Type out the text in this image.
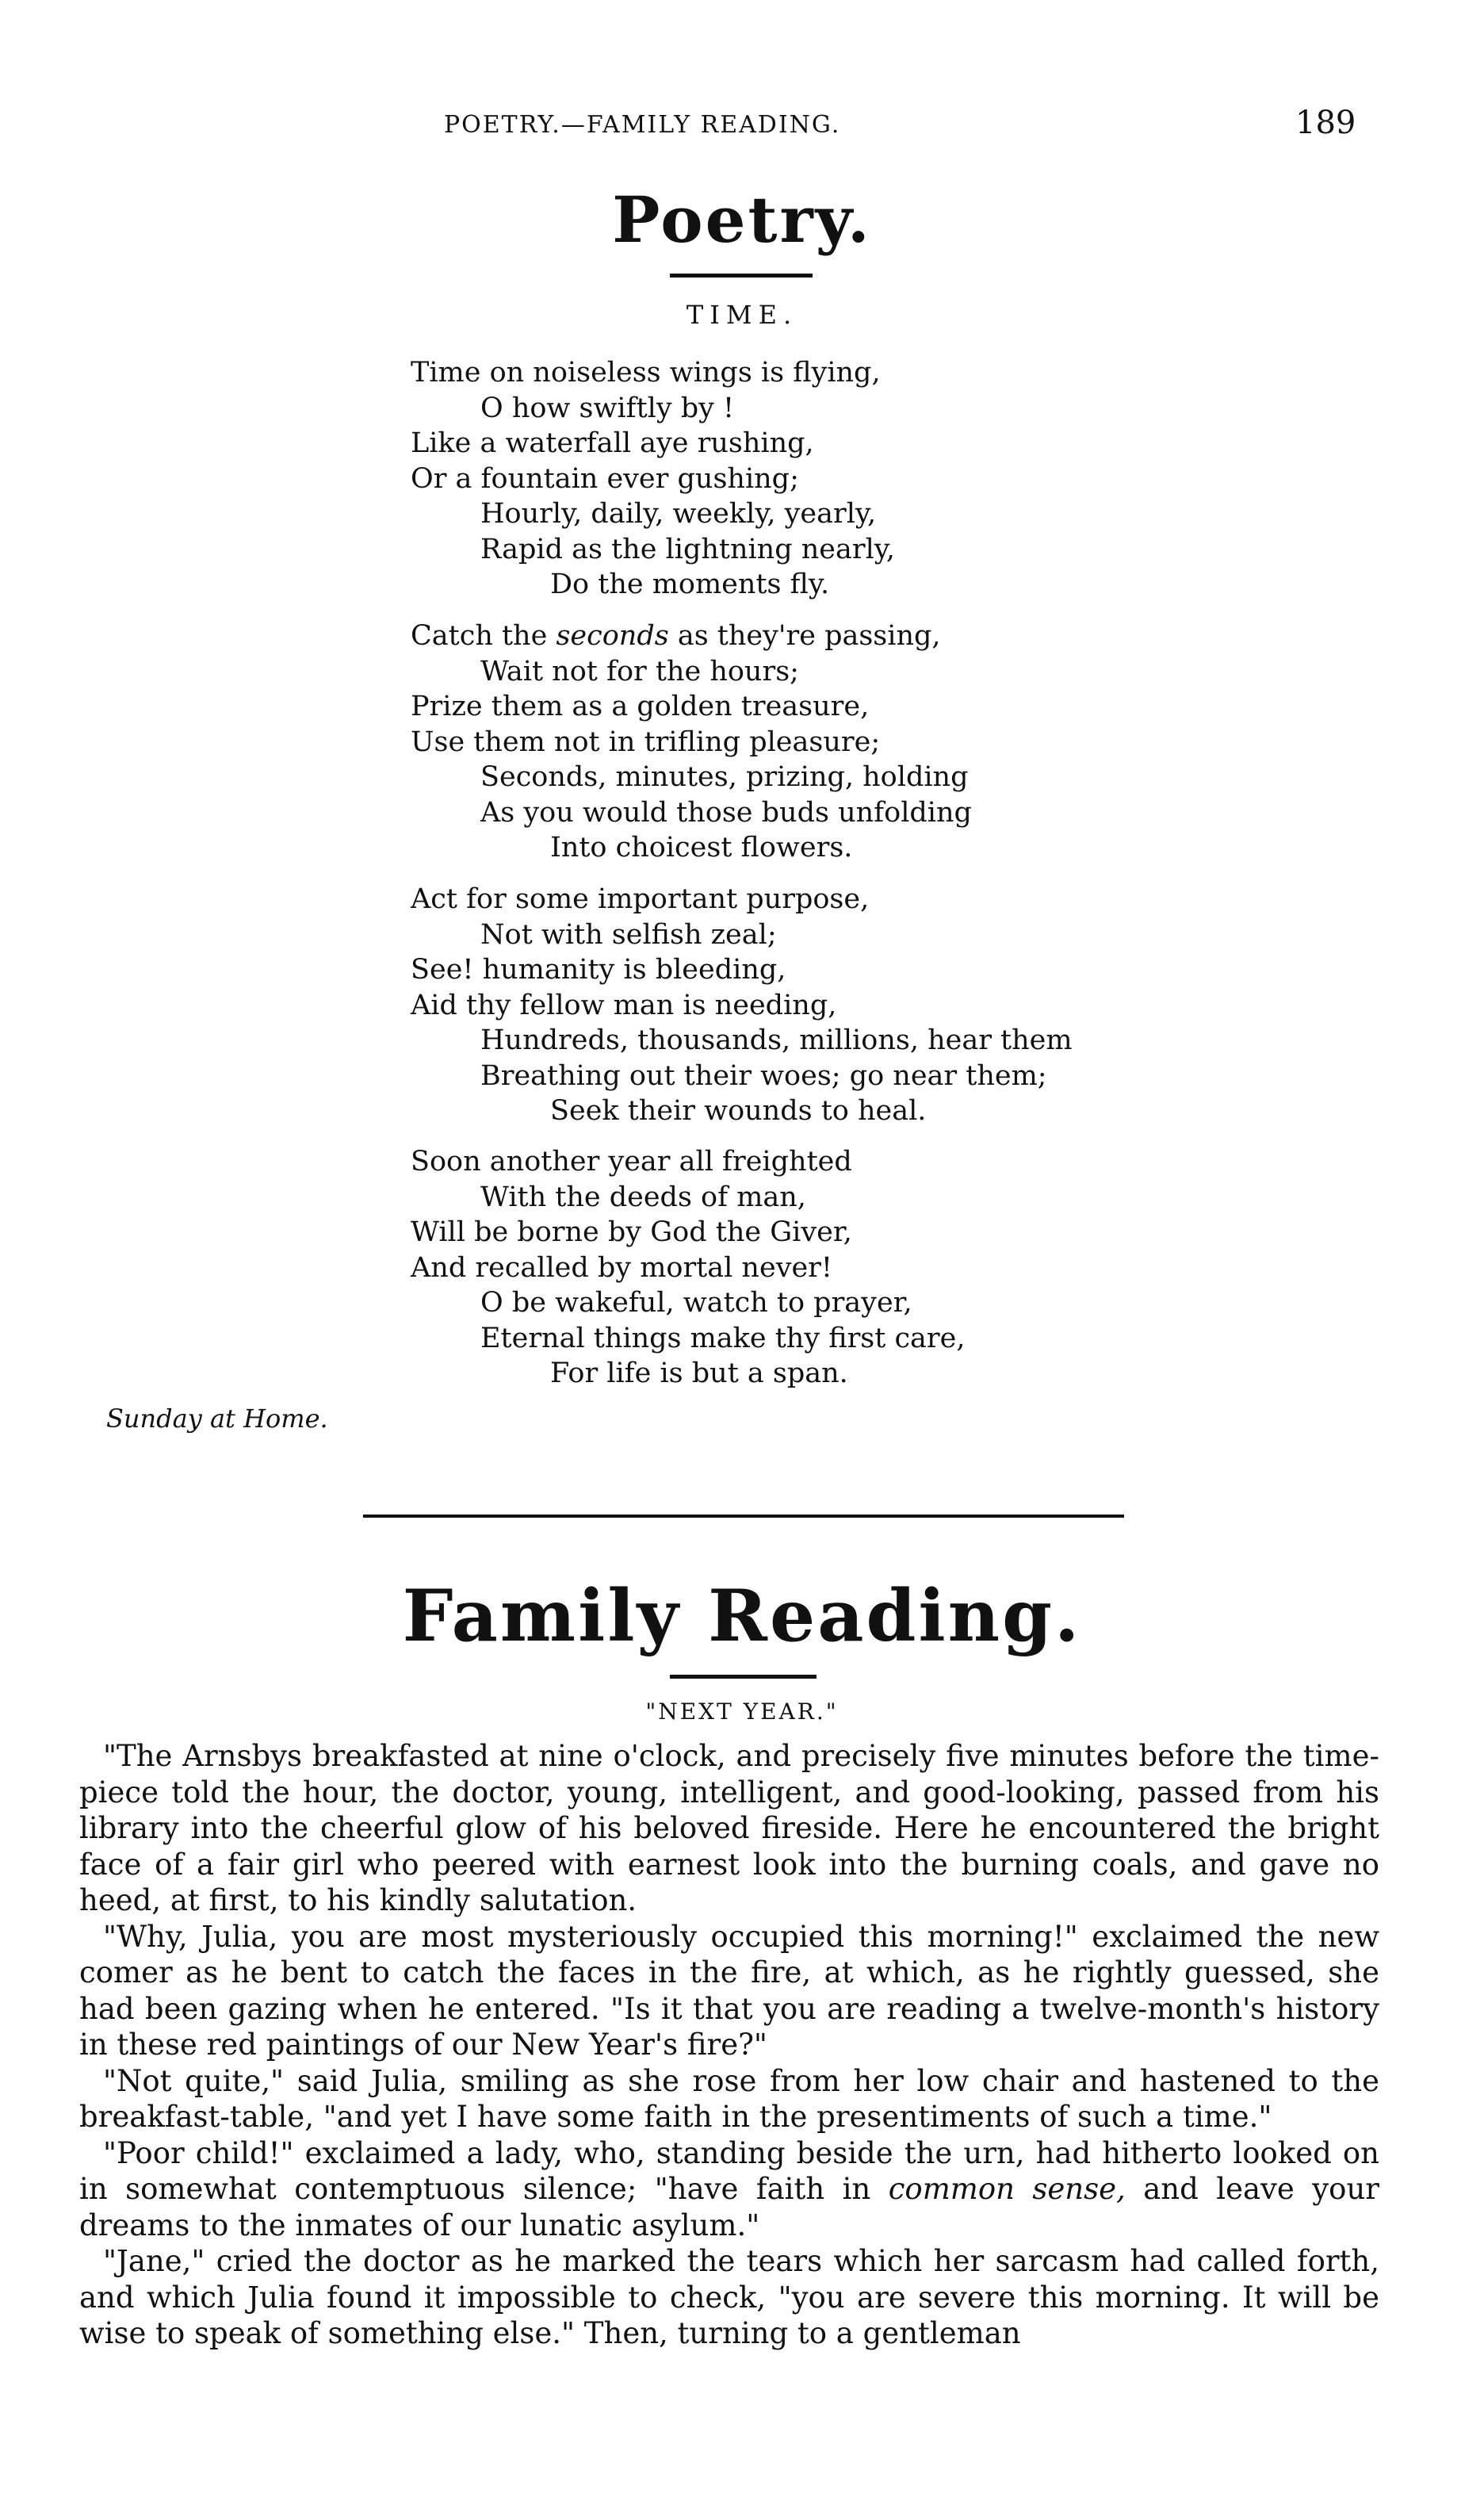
POETRY.—FAMILY READING.	189
Poetry.
TIME.
Time on noiseless wings is flying,
O how swiftly by !
Like a waterfall aye rushing,
Or a fountain ever gushing;
Hourly, daily, weekly, yearly,
Rapid as the lightning nearly,
Do the moments fly.
Catch the seconds as they're passing,
Wait not for the hours;
Prize them as a golden treasure,
Use them not in trifling pleasure;
Seconds, minutes, prizing, holding
As you would those buds unfolding
Into choicest flowers.
Act for some important purpose,
Not with selfish zeal;
See! humanity is bleeding,
Aid thy fellow man is needing,
Hundreds, thousands, millions, hear them
Breathing out their woes; go near them;
Seek their wounds to heal.
Soon another year all freighted
With the deeds of man,
Will be borne by God the Giver,
And recalled by mortal never!
O be wakeful, watch to prayer,
Eternal things make thy first care,
For life is but a span.
Sunday at Home.
Family Reading.
"NEXT YEAR."

"The Arnsbys breakfasted at nine o'clock, and precisely five minutes before the time-piece told the hour, the doctor, young, intelligent, and good-looking, passed from his library into the cheerful glow of his beloved fireside. Here he encountered the bright face of a fair girl who peered with earnest look into the burning coals, and gave no heed, at first, to his kindly salutation.

"Why, Julia, you are most mysteriously occupied this morning!" exclaimed the new comer as he bent to catch the faces in the fire, at which, as he rightly guessed, she had been gazing when he entered. "Is it that you are reading a twelve-month's history in these red paintings of our New Year's fire?"

"Not quite," said Julia, smiling as she rose from her low chair and hastened to the breakfast-table, "and yet I have some faith in the presentiments of such a time."

"Poor child!" exclaimed a lady, who, standing beside the urn, had hitherto looked on in somewhat contemptuous silence; "have faith in common sense, and leave your dreams to the inmates of our lunatic asylum."

"Jane," cried the doctor as he marked the tears which her sarcasm had called forth, and which Julia found it impossible to check, "you are severe this morning. It will be wise to speak of something else." Then, turning to a gentleman
